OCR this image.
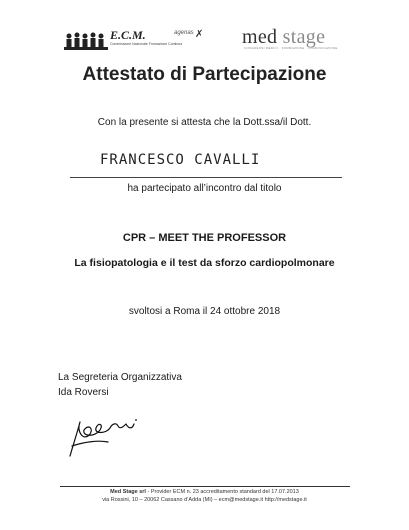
E.C.M.
Commissione Nazionale Formazione Continua
agenas ✗ med stage
CONGRESSI MEDICI · FORMAZIONE · COMUNICAZIONE
Attestato di Partecipazione
Con la presente si attesta che la Dott.ssa/il Dott.
FRANCESCO CAVALLI
ha partecipato all’incontro dal titolo
CPR – MEET THE PROFESSOR
La fisiopatologia e il test da sforzo cardiopolmonare
svoltosi a Roma il 24 ottobre 2018
La Segreteria Organizzativa
Ida Roversi
Med Stage srl - Provider ECM n. 23 accreditamento standard del 17.07.2013
via Rossini, 10 – 20062 Cassano d’Adda (MI) – ecm@medstage.it http://medstage.it
